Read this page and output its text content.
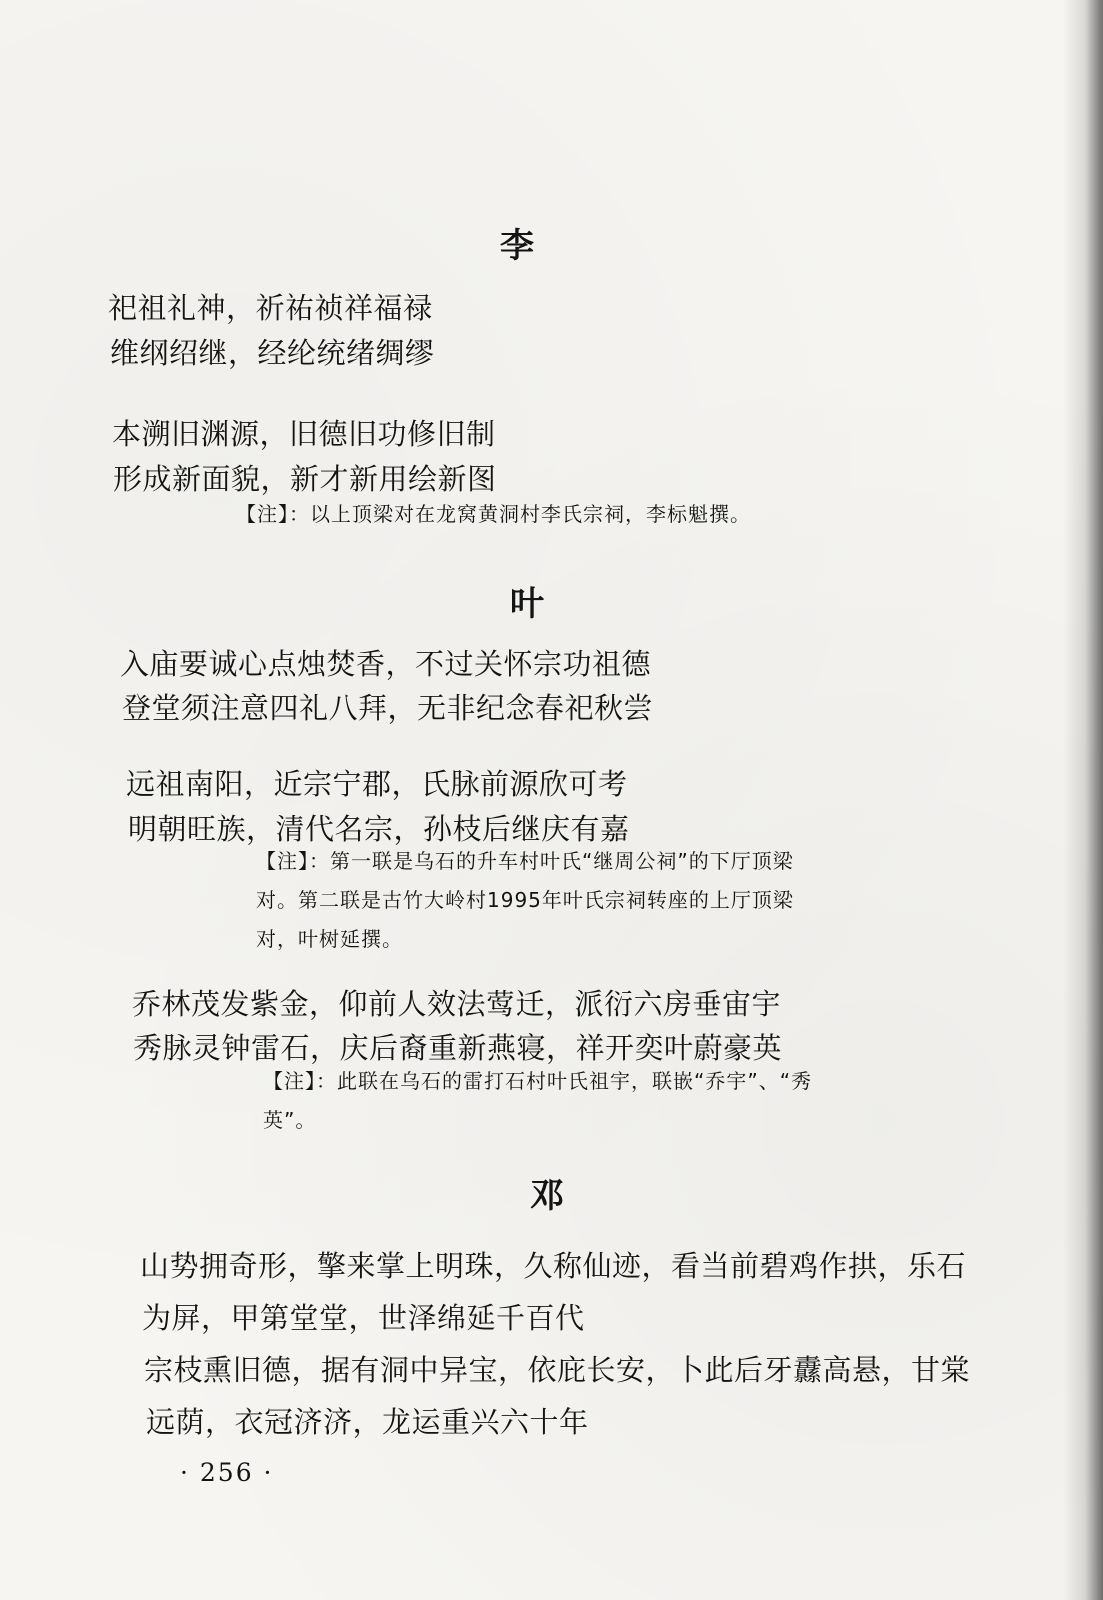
李
祀祖礼神，祈祐祯祥福禄
维纲绍继，经纶统绪绸缪
本溯旧渊源，旧德旧功修旧制
形成新面貌，新才新用绘新图
【注】：以上顶梁对在龙窝黄洞村李氏宗祠，李标魁撰。
叶
入庙要诚心点烛焚香，不过关怀宗功祖德
登堂须注意四礼八拜，无非纪念春祀秋尝
远祖南阳，近宗宁郡，氏脉前源欣可考
明朝旺族，清代名宗，孙枝后继庆有嘉
【注】：第一联是乌石的升车村叶氏“继周公祠”的下厅顶梁
对。第二联是古竹大岭村1995年叶氏宗祠转座的上厅顶梁
对，叶树延撰。
乔林茂发紫金，仰前人效法莺迁，派衍六房垂宙宇
秀脉灵钟雷石，庆后裔重新燕寝，祥开奕叶蔚豪英
【注】：此联在乌石的雷打石村叶氏祖宇，联嵌“乔宇”、“秀
英”。
邓
山势拥奇形，擎来掌上明珠，久称仙迹，看当前碧鸡作拱，乐石
为屏，甲第堂堂，世泽绵延千百代
宗枝熏旧德，据有洞中异宝，依庇长安，卜此后牙纛高悬，甘棠
远荫，衣冠济济，龙运重兴六十年
· 256 ·
